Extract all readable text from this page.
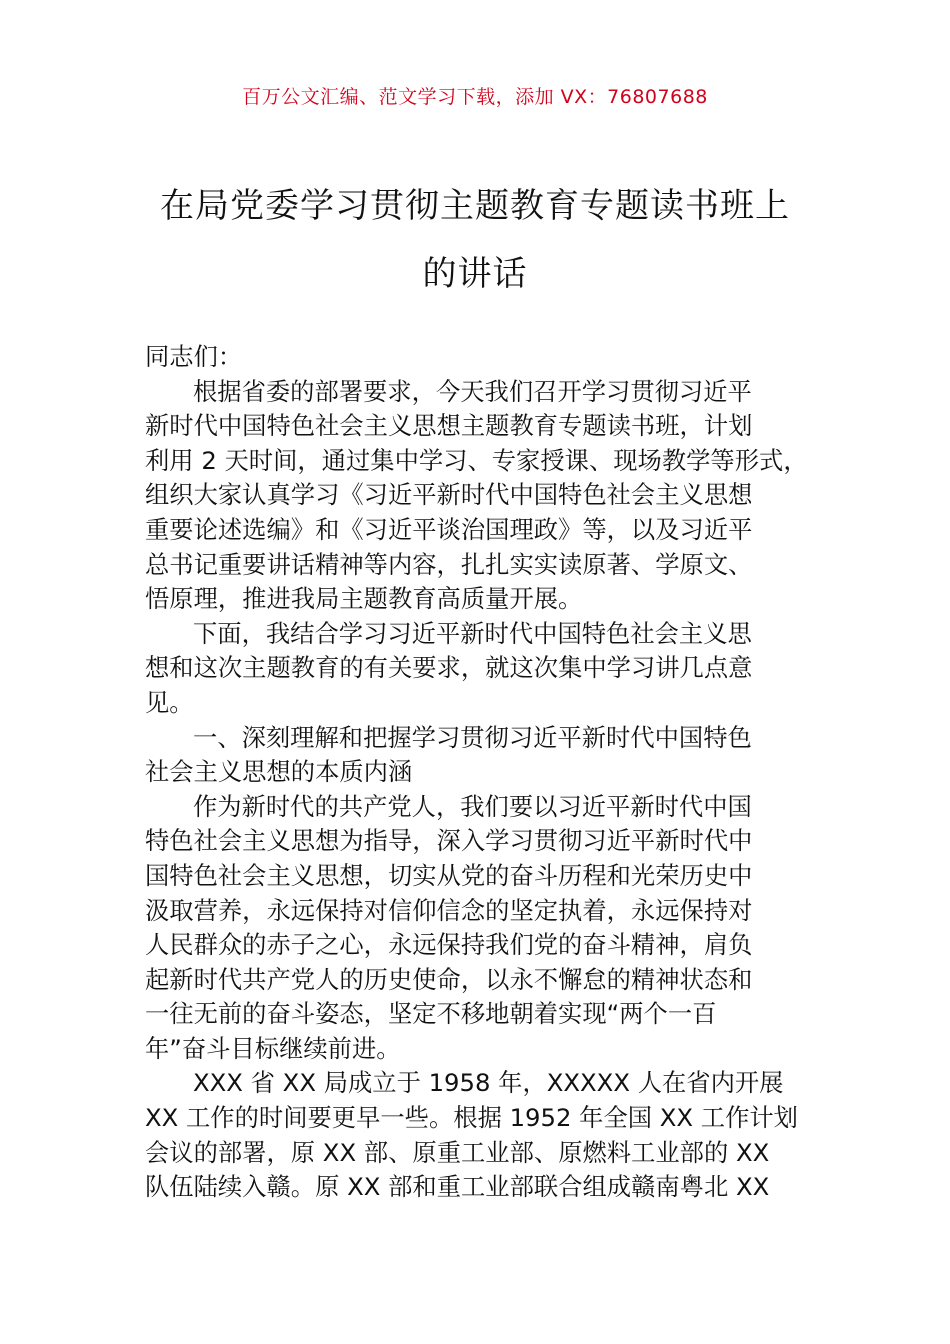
百万公文汇编、范文学习下载，添加 VX：76807688
在局党委学习贯彻主题教育专题读书班上
的讲话
同志们：
根据省委的部署要求，今天我们召开学习贯彻习近平
新时代中国特色社会主义思想主题教育专题读书班，计划
利用 2 天时间，通过集中学习、专家授课、现场教学等形式，
组织大家认真学习《习近平新时代中国特色社会主义思想
重要论述选编》和《习近平谈治国理政》等，以及习近平
总书记重要讲话精神等内容，扎扎实实读原著、学原文、
悟原理，推进我局主题教育高质量开展。
下面，我结合学习习近平新时代中国特色社会主义思
想和这次主题教育的有关要求，就这次集中学习讲几点意
见。
一、深刻理解和把握学习贯彻习近平新时代中国特色
社会主义思想的本质内涵
作为新时代的共产党人，我们要以习近平新时代中国
特色社会主义思想为指导，深入学习贯彻习近平新时代中
国特色社会主义思想，切实从党的奋斗历程和光荣历史中
汲取营养，永远保持对信仰信念的坚定执着，永远保持对
人民群众的赤子之心，永远保持我们党的奋斗精神，肩负
起新时代共产党人的历史使命，以永不懈怠的精神状态和
一往无前的奋斗姿态，坚定不移地朝着实现“两个一百
年”奋斗目标继续前进。
XXX 省 XX 局成立于 1958 年，XXXXX 人在省内开展
XX 工作的时间要更早一些。根据 1952 年全国 XX 工作计划
会议的部署，原 XX 部、原重工业部、原燃料工业部的 XX
队伍陆续入赣。原 XX 部和重工业部联合组成赣南粤北 XX
